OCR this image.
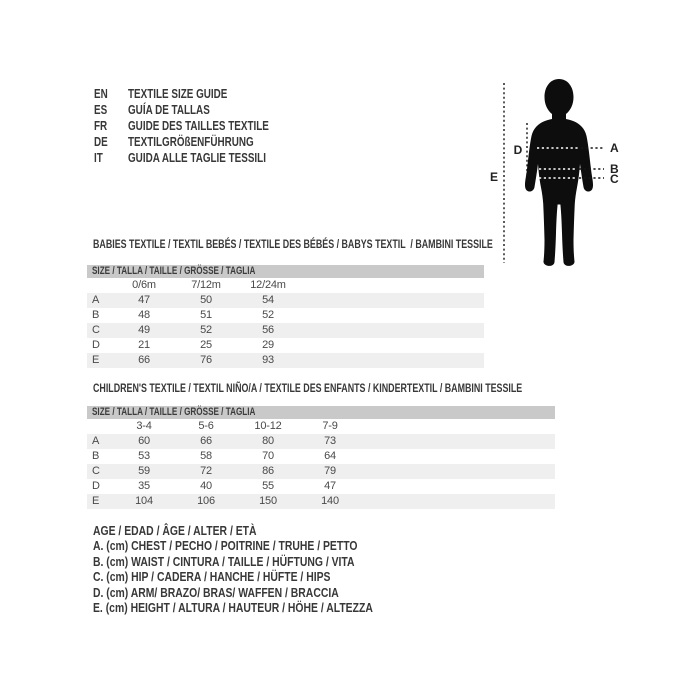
EN	TEXTILE SIZE GUIDE
ES	GUÍA DE TALLAS
FR	GUIDE DES TAILLES TEXTILE
DE	TEXTILGRÖßENFÜHRUNG
IT	GUIDA ALLE TAGLIE TESSILI
A
B
C
D
E
BABIES TEXTILE / TEXTIL BEBÉS / TEXTILE DES BÉBÉS / BABYS TEXTIL  / BAMBINI TESSILE
SIZE / TALLA / TAILLE / GRÖSSE / TAGLIA
0/6m	7/12m	12/24m
A	47	50	54
B	48	51	52
C	49	52	56
D	21	25	29
E	66	76	93
CHILDREN'S TEXTILE / TEXTIL NIÑO/A / TEXTILE DES ENFANTS / KINDERTEXTIL / BAMBINI TESSILE
SIZE / TALLA / TAILLE / GRÖSSE / TAGLIA
3-4	5-6	10-12	7-9
A	60	66	80	73
B	53	58	70	64
C	59	72	86	79
D	35	40	55	47
E	104	106	150	140
AGE / EDAD / ÂGE / ALTER / ETÀ
A. (cm) CHEST / PECHO / POITRINE / TRUHE / PETTO
B. (cm) WAIST / CINTURA / TAILLE / HÜFTUNG / VITA
C. (cm) HIP / CADERA / HANCHE / HÜFTE / HIPS
D. (cm) ARM/ BRAZO/ BRAS/ WAFFEN / BRACCIA
E. (cm) HEIGHT / ALTURA / HAUTEUR / HÖHE / ALTEZZA
